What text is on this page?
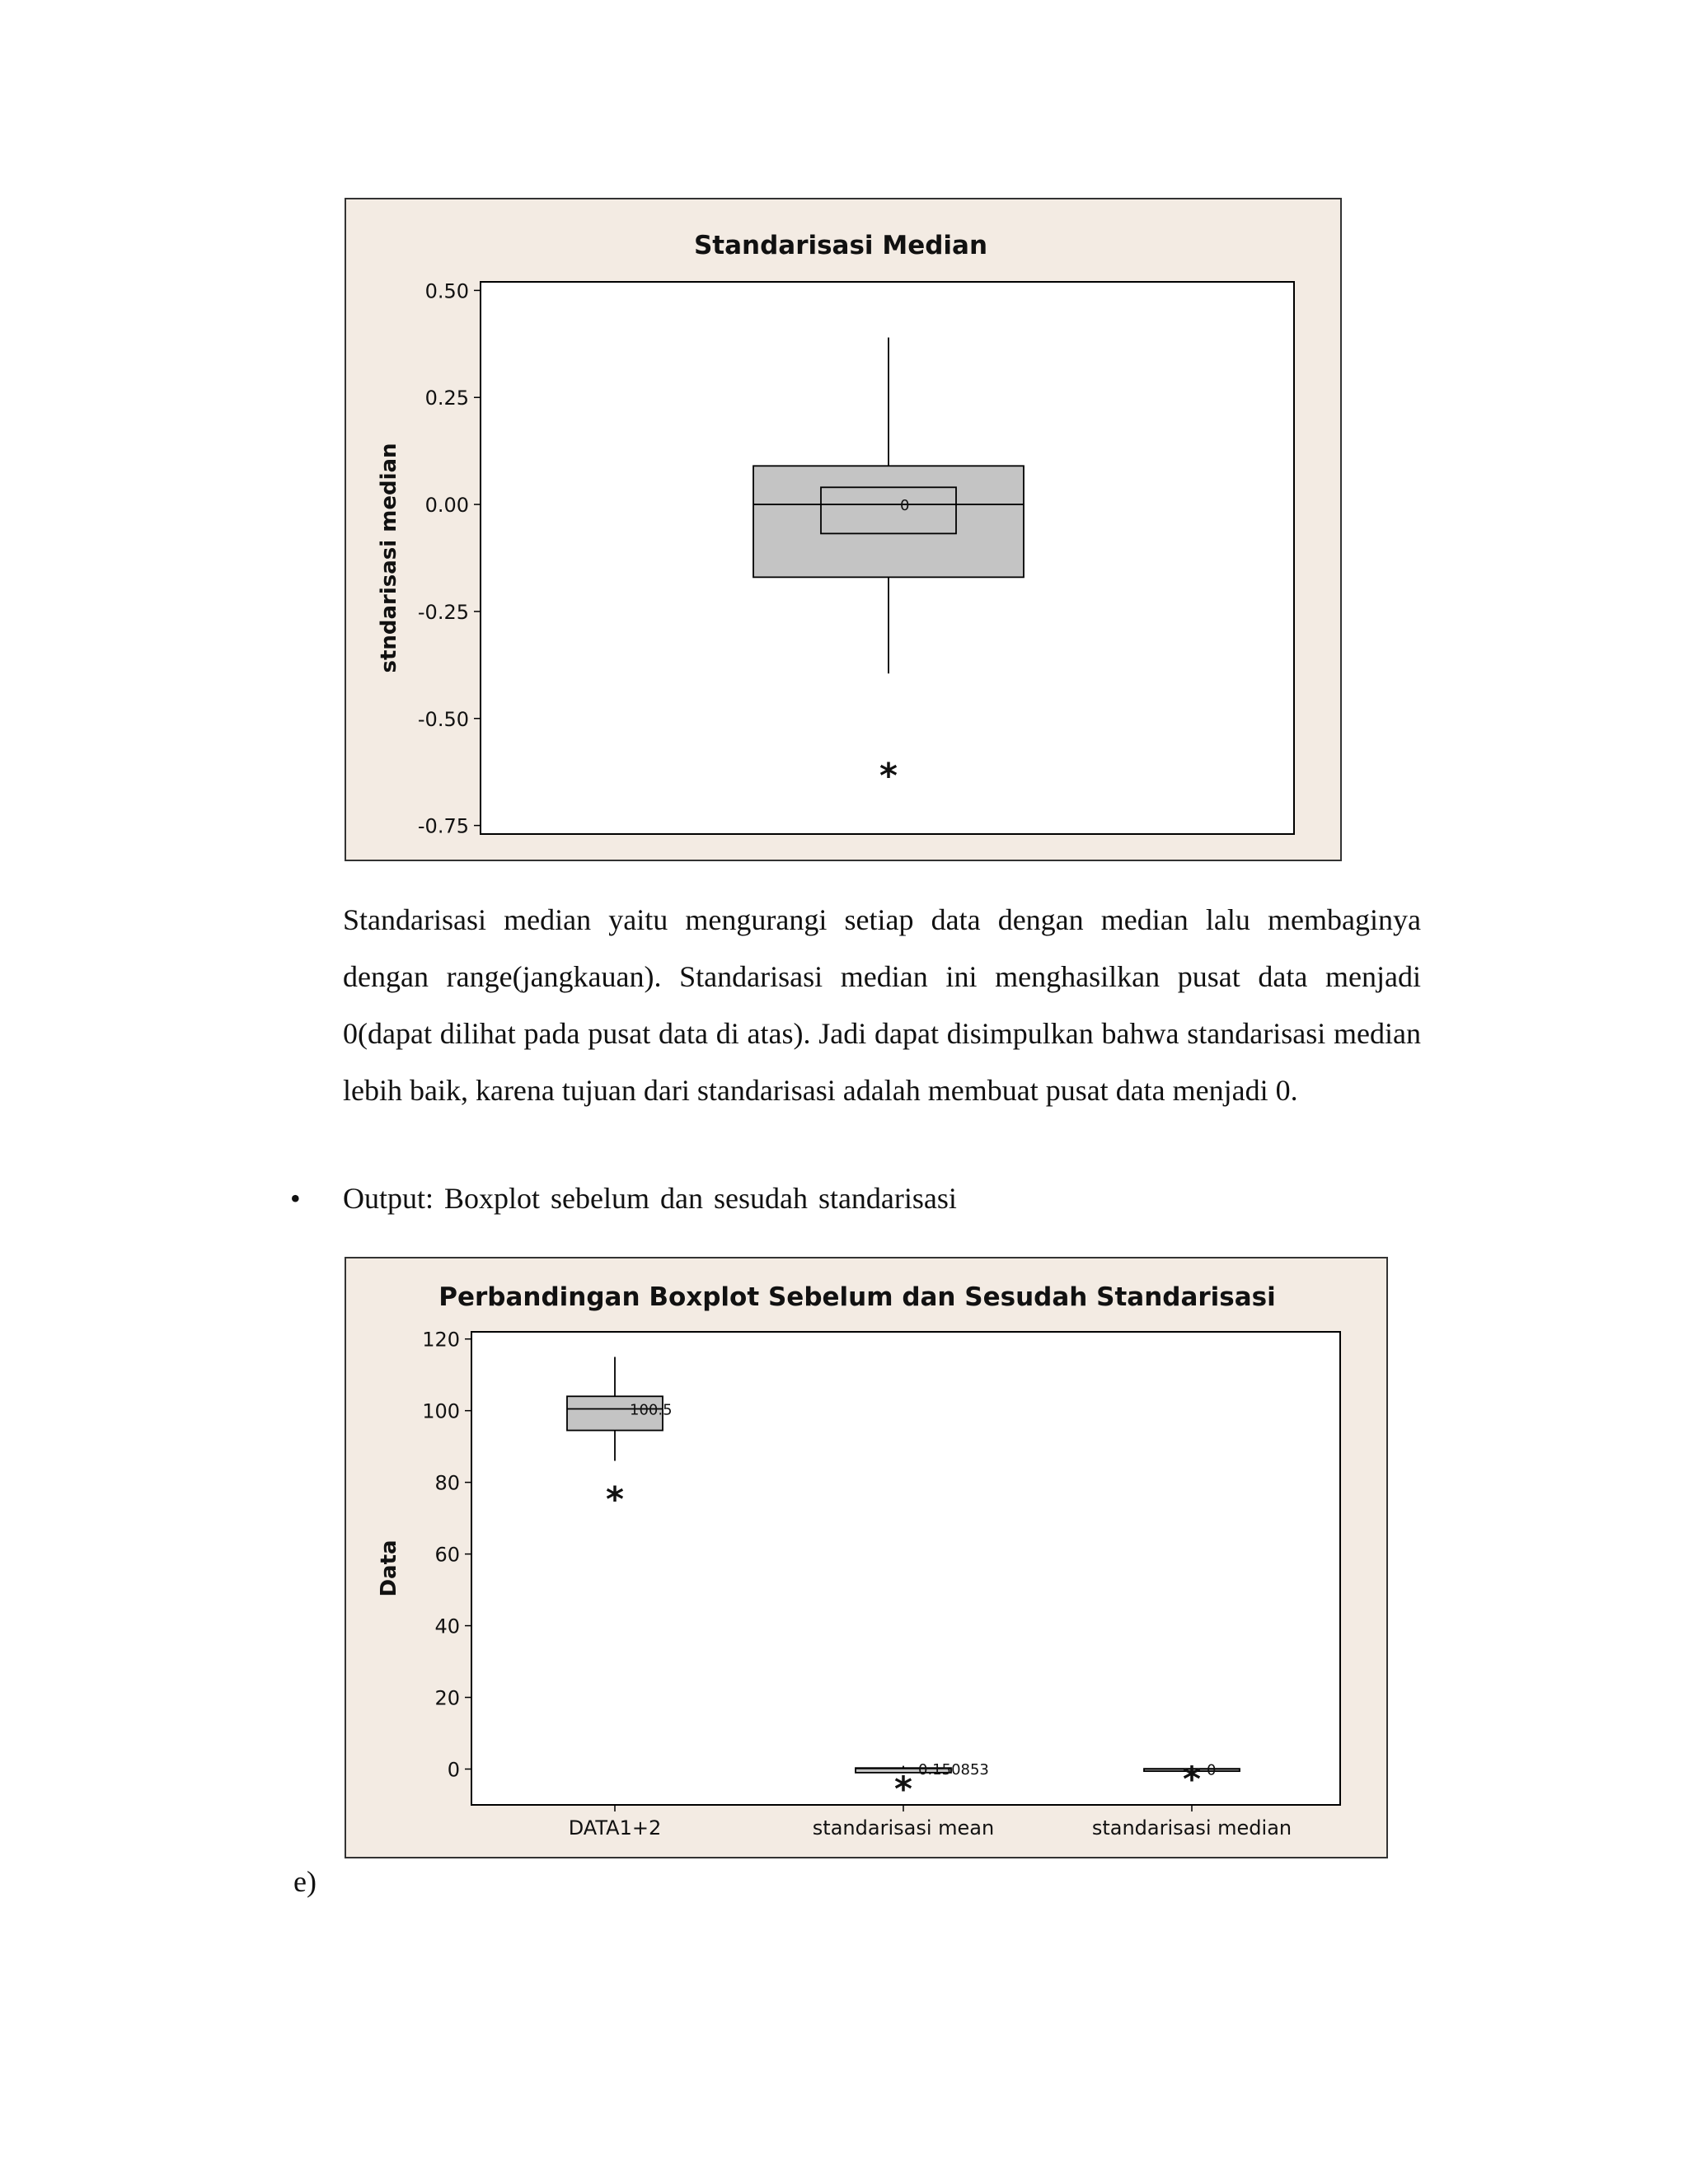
Standarisasi Median
0.50
0.25
0.00
-0.25
-0.50
-0.75
stndarisasi median	0
*

Standarisasi median yaitu mengurangi setiap data dengan median lalu membaginya dengan range(jangkauan). Standarisasi median ini menghasilkan pusat data menjadi 0(dapat dilihat pada pusat data di atas). Jadi dapat disimpulkan bahwa standarisasi median lebih baik, karena tujuan dari standarisasi adalah membuat pusat data menjadi 0.

• Output: Boxplot sebelum dan sesudah standarisasi
Perbandingan Boxplot Sebelum dan Sesudah Standarisasi
120
100
80
60
40
20
0
Data
100.5
*
DATA1+2
0.150853
*
standarisasi mean
0
*
standarisasi median
e)
